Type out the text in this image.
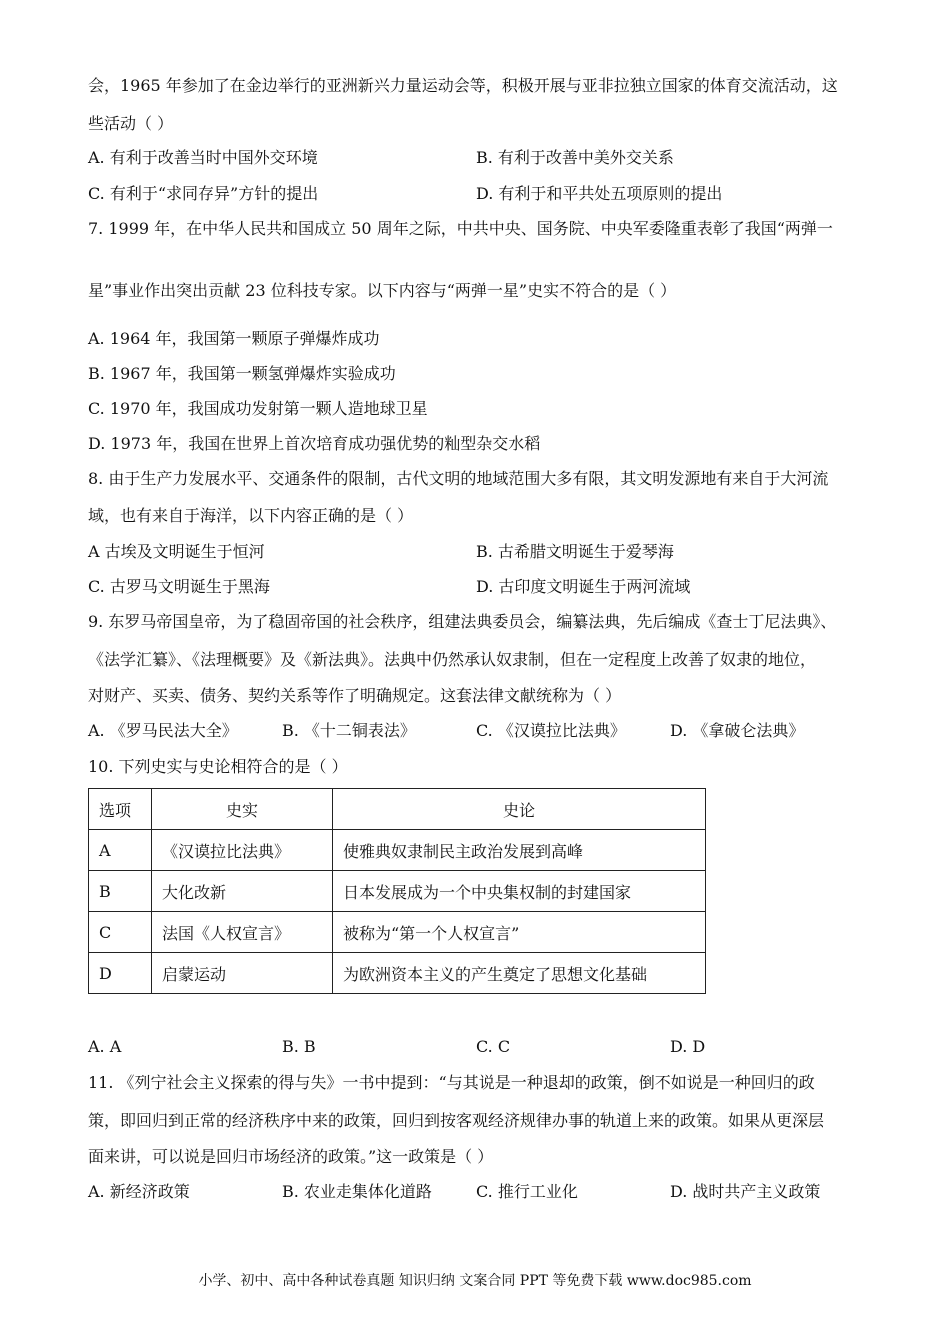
会，1965 年参加了在金边举行的亚洲新兴力量运动会等，积极开展与亚非拉独立国家的体育交流活动，这
些活动（ ）
A. 有利于改善当时中国外交环境	B. 有利于改善中美外交关系
C. 有利于“求同存异”方针的提出	D. 有利于和平共处五项原则的提出
7. 1999 年，在中华人民共和国成立 50 周年之际，中共中央、国务院、中央军委隆重表彰了我国“两弹一
星”事业作出突出贡献 23 位科技专家。以下内容与“两弹一星”史实不符合的是（ ）
A. 1964 年，我国第一颗原子弹爆炸成功
B. 1967 年，我国第一颗氢弹爆炸实验成功
C. 1970 年，我国成功发射第一颗人造地球卫星
D. 1973 年，我国在世界上首次培育成功强优势的籼型杂交水稻
8. 由于生产力发展水平、交通条件的限制，古代文明的地域范围大多有限，其文明发源地有来自于大河流
域，也有来自于海洋，以下内容正确的是（ ）
A 古埃及文明诞生于恒河	B. 古希腊文明诞生于爱琴海
C. 古罗马文明诞生于黑海	D. 古印度文明诞生于两河流域
9. 东罗马帝国皇帝，为了稳固帝国的社会秩序，组建法典委员会，编纂法典，先后编成《查士丁尼法典》、
《法学汇纂》、《法理概要》及《新法典》。法典中仍然承认奴隶制，但在一定程度上改善了奴隶的地位，
对财产、买卖、债务、契约关系等作了明确规定。这套法律文献统称为（ ）
A. 《罗马民法大全》	B. 《十二铜表法》	C. 《汉谟拉比法典》	D. 《拿破仑法典》
10. 下列史实与史论相符合的是（ ）
选项	史实	史论
A	《汉谟拉比法典》	使雅典奴隶制民主政治发展到高峰
B	大化改新	日本发展成为一个中央集权制的封建国家
C	法国《人权宣言》	被称为“第一个人权宣言”
D	启蒙运动	为欧洲资本主义的产生奠定了思想文化基础
A. A	B. B	C. C	D. D
11. 《列宁社会主义探索的得与失》一书中提到：“与其说是一种退却的政策，倒不如说是一种回归的政
策，即回归到正常的经济秩序中来的政策，回归到按客观经济规律办事的轨道上来的政策。如果从更深层
面来讲，可以说是回归市场经济的政策。”这一政策是（ ）
A. 新经济政策	B. 农业走集体化道路	C. 推行工业化	D. 战时共产主义政策
小学、初中、高中各种试卷真题 知识归纳 文案合同 PPT 等免费下载 www.doc985.com
